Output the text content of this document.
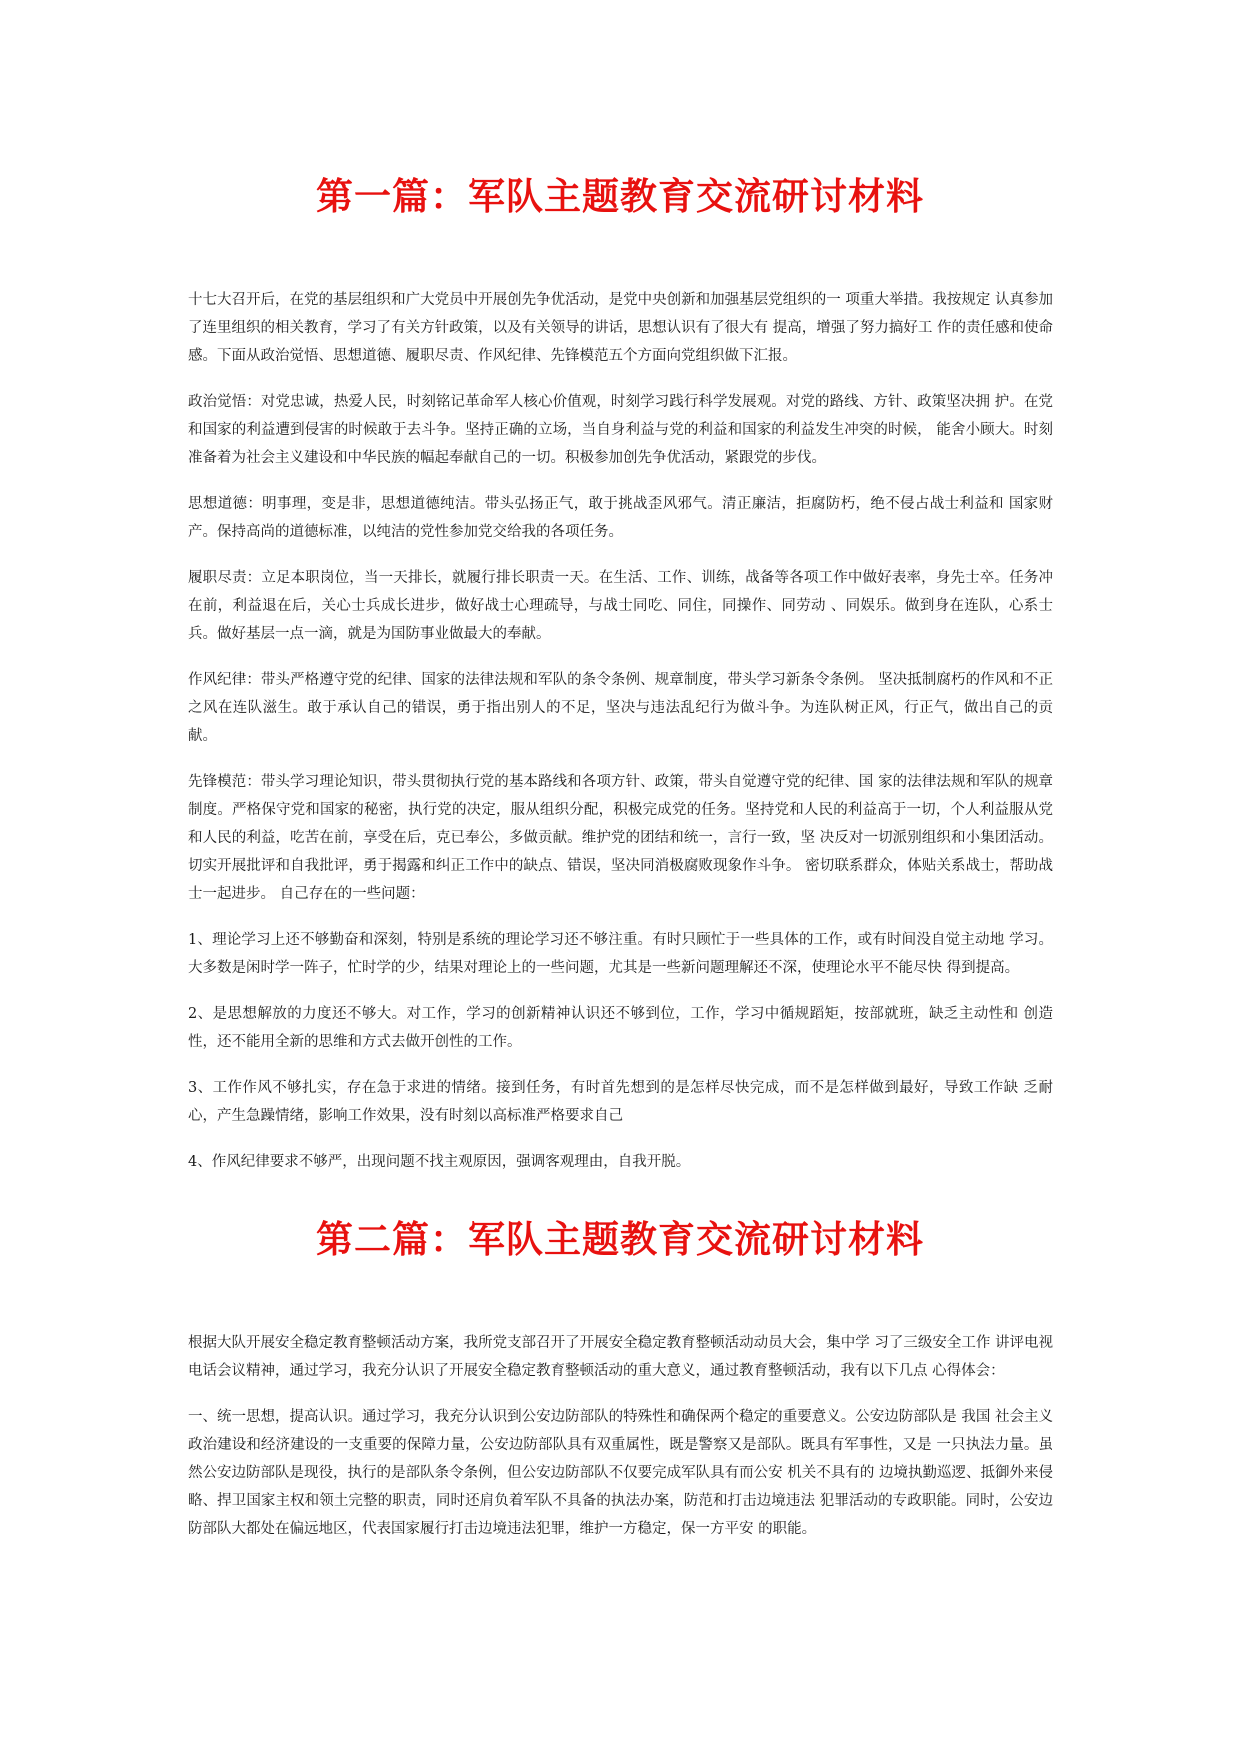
第一篇：军队主题教育交流研讨材料

十七大召开后，在党的基层组织和广大党员中开展创先争优活动，是党中央创新和加强基层党组织的一 项重大举措。我按规定 认真参加了连里组织的相关教育，学习了有关方针政策，以及有关领导的讲话，思想认识有了很大有 提高，增强了努力搞好工 作的责任感和使命感。下面从政治觉悟、思想道德、履职尽责、作风纪律、先锋模范五个方面向党组织做下汇报。

政治觉悟：对党忠诚，热爱人民，时刻铭记革命军人核心价值观，时刻学习践行科学发展观。对党的路线、方针、政策坚决拥 护。在党和国家的利益遭到侵害的时候敢于去斗争。坚持正确的立场，当自身利益与党的利益和国家的利益发生冲突的时候， 能舍小顾大。时刻准备着为社会主义建设和中华民族的幅起奉献自己的一切。积极参加创先争优活动，紧跟党的步伐。

思想道德：明事理，变是非，思想道德纯洁。带头弘扬正气，敢于挑战歪风邪气。清正廉洁，拒腐防朽，绝不侵占战士利益和 国家财产。保持高尚的道德标准，以纯洁的党性参加党交给我的各项任务。

履职尽责：立足本职岗位，当一天排长，就履行排长职责一天。在生活、工作、训练，战备等各项工作中做好表率，身先士卒。任务冲在前，利益退在后，关心士兵成长进步，做好战士心理疏导，与战士同吃、同住，同操作、同劳动 、同娱乐。做到身在连队，心系士兵。做好基层一点一滴，就是为国防事业做最大的奉献。

作风纪律：带头严格遵守党的纪律、国家的法律法规和军队的条令条例、规章制度，带头学习新条令条例。 坚决抵制腐朽的作风和不正之风在连队滋生。敢于承认自己的错误，勇于指出别人的不足，坚决与违法乱纪行为做斗争。为连队树正风，行正气，做出自己的贡献。

先锋模范：带头学习理论知识，带头贯彻执行党的基本路线和各项方针、政策，带头自觉遵守党的纪律、国 家的法律法规和军队的规章制度。严格保守党和国家的秘密，执行党的决定，服从组织分配，积极完成党的任务。坚持党和人民的利益高于一切，个人利益服从党和人民的利益，吃苦在前，享受在后，克已奉公，多做贡献。维护党的团结和统一，言行一致，坚 决反对一切派别组织和小集团活动。切实开展批评和自我批评，勇于揭露和纠正工作中的缺点、错误，坚决同消极腐败现象作斗争。 密切联系群众，体贴关系战士，帮助战士一起进步。 自己存在的一些问题：

1、理论学习上还不够勤奋和深刻，特别是系统的理论学习还不够注重。有时只顾忙于一些具体的工作，或有时间没自觉主动地 学习。大多数是闲时学一阵子，忙时学的少，结果对理论上的一些问题，尤其是一些新问题理解还不深，使理论水平不能尽快 得到提高。

2、是思想解放的力度还不够大。对工作，学习的创新精神认识还不够到位，工作，学习中循规蹈矩，按部就班，缺乏主动性和 创造性，还不能用全新的思维和方式去做开创性的工作。

3、工作作风不够扎实，存在急于求进的情绪。接到任务，有时首先想到的是怎样尽快完成，而不是怎样做到最好，导致工作缺 乏耐心，产生急躁情绪，影响工作效果，没有时刻以高标准严格要求自己

4、作风纪律要求不够严，出现问题不找主观原因，强调客观理由，自我开脱。

第二篇：军队主题教育交流研讨材料

根据大队开展安全稳定教育整顿活动方案，我所党支部召开了开展安全稳定教育整顿活动动员大会，集中学 习了三级安全工作 讲评电视电话会议精神，通过学习，我充分认识了开展安全稳定教育整顿活动的重大意义，通过教育整顿活动，我有以下几点 心得体会：

一、统一思想，提高认识。通过学习，我充分认识到公安边防部队的特殊性和确保两个稳定的重要意义。公安边防部队是 我国 社会主义政治建设和经济建设的一支重要的保障力量，公安边防部队具有双重属性，既是警察又是部队。既具有军事性，又是 一只执法力量。虽然公安边防部队是现役，执行的是部队条令条例，但公安边防部队不仅要完成军队具有而公安 机关不具有的 边境执勤巡逻、抵御外来侵略、捍卫国家主权和领土完整的职责，同时还肩负着军队不具备的执法办案，防范和打击边境违法 犯罪活动的专政职能。同时，公安边防部队大都处在偏远地区，代表国家履行打击边境违法犯罪，维护一方稳定，保一方平安 的职能。
